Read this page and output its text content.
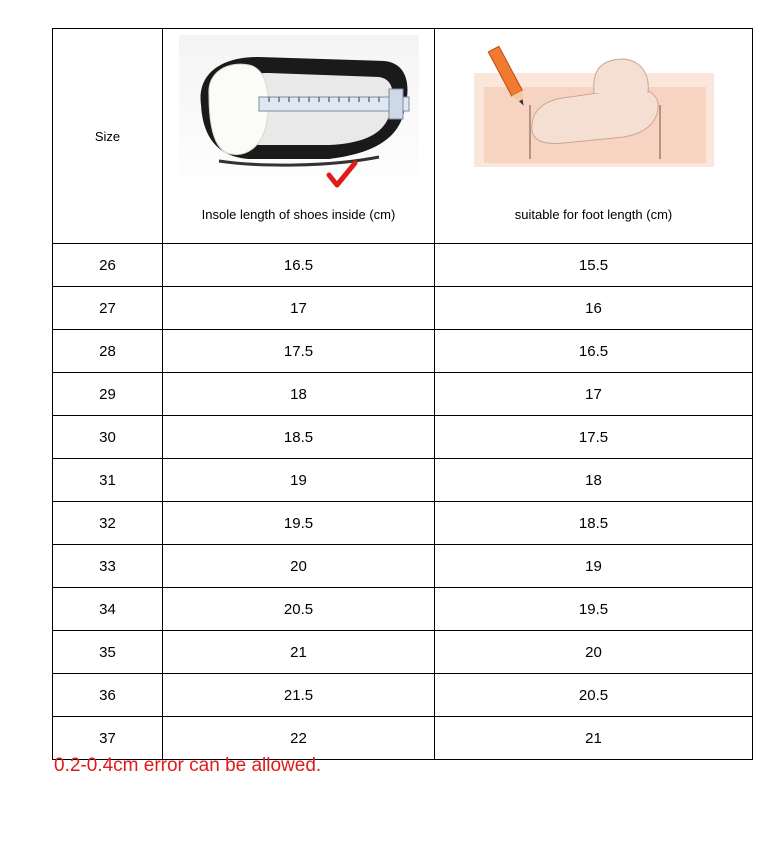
Size	Insole length of shoes inside (cm)	suitable for foot length (cm)

26	16.5	15.5
27	17	16
28	17.5	16.5
29	18	17
30	18.5	17.5
31	19	18
32	19.5	18.5
33	20	19
34	20.5	19.5
35	21	20
36	21.5	20.5
37	22	21
0.2-0.4cm error can be allowed.
